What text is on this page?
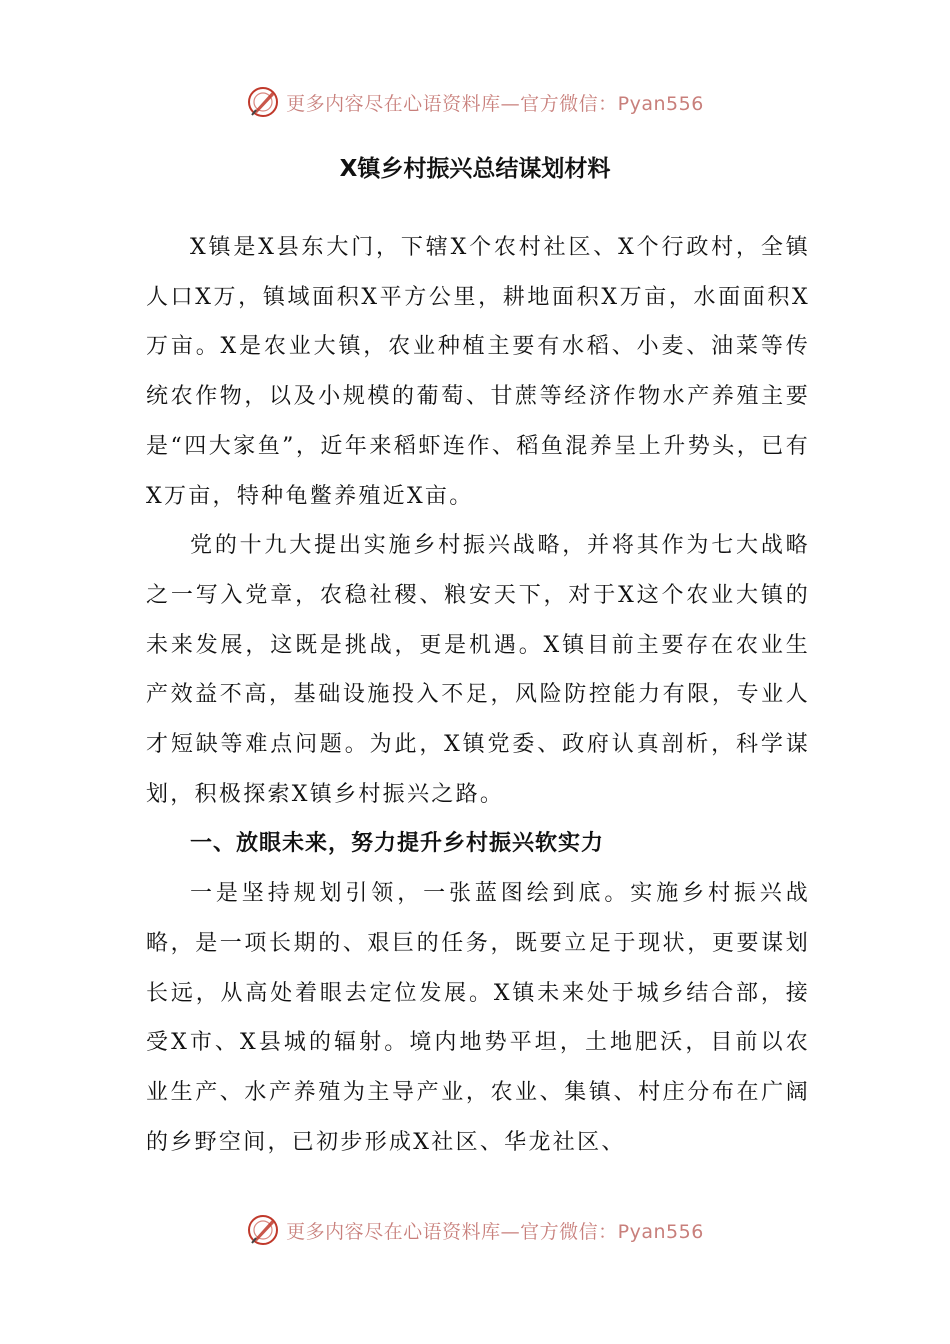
更多内容尽在心语资料库—官方微信：Pyan556
X镇乡村振兴总结谋划材料

X镇是X县东大门，下辖X个农村社区、X个行政村，全镇人口X万，镇域面积X平方公里，耕地面积X万亩，水面面积X万亩。X是农业大镇，农业种植主要有水稻、小麦、油菜等传统农作物，以及小规模的葡萄、甘蔗等经济作物水产养殖主要是“四大家鱼”，近年来稻虾连作、稻鱼混养呈上升势头，已有X万亩，特种龟鳖养殖近X亩。

党的十九大提出实施乡村振兴战略，并将其作为七大战略之一写入党章，农稳社稷、粮安天下，对于X这个农业大镇的未来发展，这既是挑战，更是机遇。X镇目前主要存在农业生产效益不高，基础设施投入不足，风险防控能力有限，专业人才短缺等难点问题。为此，X镇党委、政府认真剖析，科学谋划，积极探索X镇乡村振兴之路。

一、放眼未来，努力提升乡村振兴软实力

一是坚持规划引领，一张蓝图绘到底。实施乡村振兴战略，是一项长期的、艰巨的任务，既要立足于现状，更要谋划长远，从高处着眼去定位发展。X镇未来处于城乡结合部，接受X市、X县城的辐射。境内地势平坦，土地肥沃，目前以农业生产、水产养殖为主导产业，农业、集镇、村庄分布在广阔的乡野空间，已初步形成X社区、华龙社区、

更多内容尽在心语资料库—官方微信：Pyan556
